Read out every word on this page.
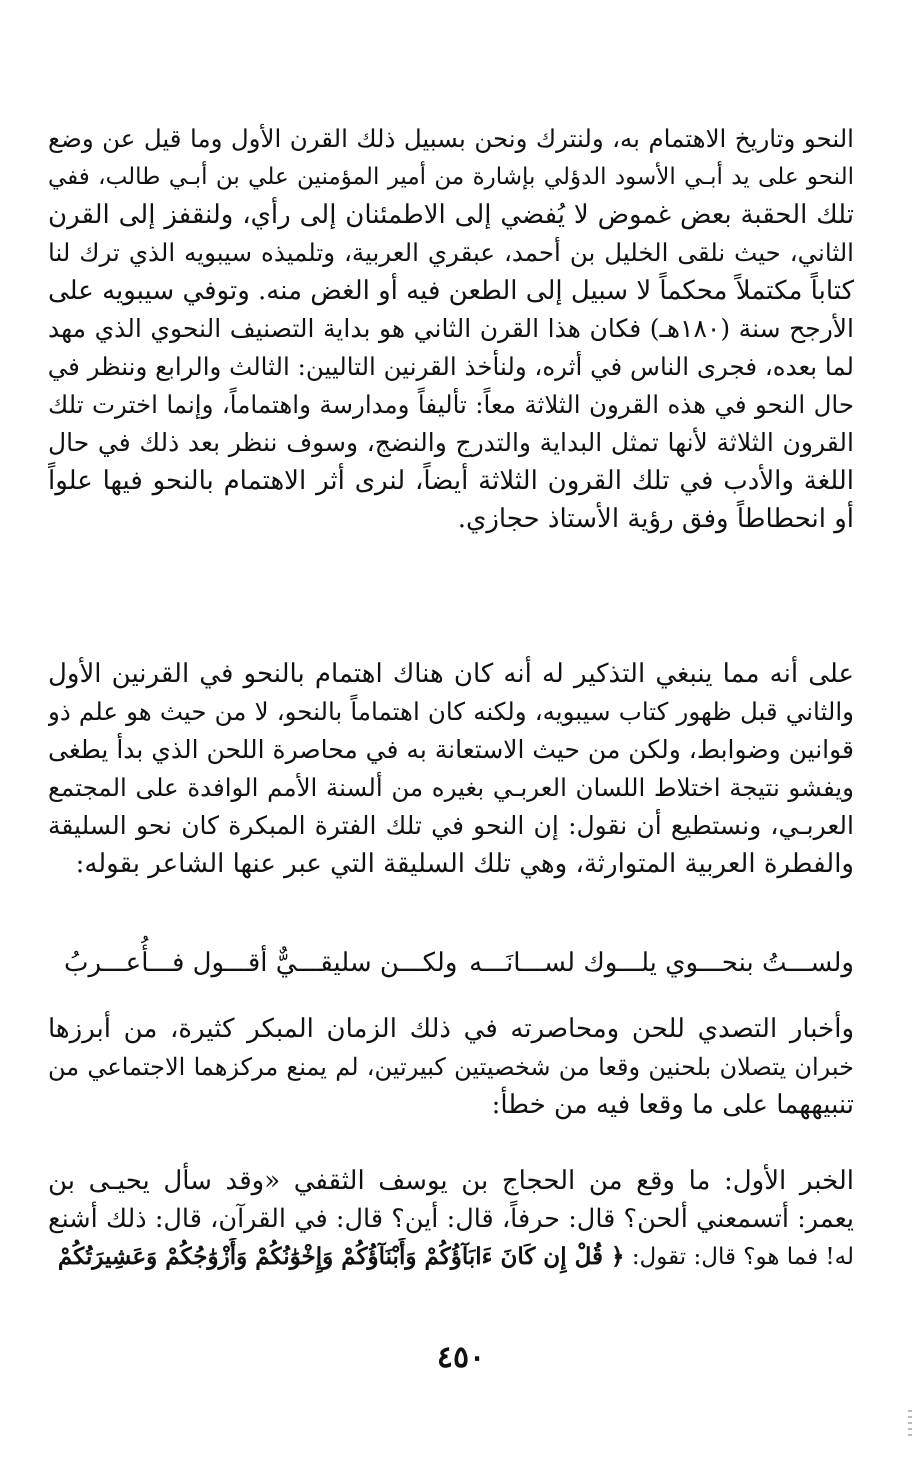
النحو وتاريخ الاهتمام به، ولنترك ونحن بسبيل ذلك القرن الأول وما قيل عن وضع
النحو على يد أبـي الأسود الدؤلي بإشارة من أمير المؤمنين علي بن أبـي طالب، ففي
تلك الحقبة بعض غموض لا يُفضي إلى الاطمئنان إلى رأي، ولنقفز إلى القرن
الثاني، حيث نلقى الخليل بن أحمد، عبقري العربية، وتلميذه سيبويه الذي ترك لنا
كتاباً مكتملاً محكماً لا سبيل إلى الطعن فيه أو الغض منه. وتوفي سيبويه على
الأرجح سنة (١٨٠هـ) فكان هذا القرن الثاني هو بداية التصنيف النحوي الذي مهد
لما بعده، فجرى الناس في أثره، ولنأخذ القرنين التاليين: الثالث والرابع وننظر في
حال النحو في هذه القرون الثلاثة معاً: تأليفاً ومدارسة واهتماماً، وإنما اخترت تلك
القرون الثلاثة لأنها تمثل البداية والتدرج والنضج، وسوف ننظر بعد ذلك في حال
اللغة والأدب في تلك القرون الثلاثة أيضاً، لنرى أثر الاهتمام بالنحو فيها علواً
أو انحطاطاً وفق رؤية الأستاذ حجازي.
على أنه مما ينبغي التذكير له أنه كان هناك اهتمام بالنحو في القرنين الأول
والثاني قبل ظهور كتاب سيبويه، ولكنه كان اهتماماً بالنحو، لا من حيث هو علم ذو
قوانين وضوابط، ولكن من حيث الاستعانة به في محاصرة اللحن الذي بدأ يطغى
ويفشو نتيجة اختلاط اللسان العربـي بغيره من ألسنة الأمم الوافدة على المجتمع
العربـي، ونستطيع أن نقول: إن النحو في تلك الفترة المبكرة كان نحو السليقة
والفطرة العربية المتوارثة، وهي تلك السليقة التي عبر عنها الشاعر بقوله:
ولســـتُ بنحـــوي يلـــوك لســـانَـــه
ولكـــن سليقـــيٌّ أقـــول فـــأُعـــربُ
وأخبار التصدي للحن ومحاصرته في ذلك الزمان المبكر كثيرة، من أبرزها
خبران يتصلان بلحنين وقعا من شخصيتين كبيرتين، لم يمنع مركزهما الاجتماعي من
تنبيههما على ما وقعا فيه من خطأ:
الخبر الأول: ما وقع من الحجاج بن يوسف الثقفي «وقد سأل يحيـى بن
يعمر: أتسمعني ألحن؟ قال: حرفاً، قال: أين؟ قال: في القرآن، قال: ذلك أشنع
له! فما هو؟ قال: تقول: ﴿ قُلْ إِن كَانَ ءَابَآؤُكُمْ وَأَبْنَآؤُكُمْ وَإِخْوَٰنُكُمْ وَأَزْوَٰجُكُمْ وَعَشِيرَتُكُمْ
٤٥٠
